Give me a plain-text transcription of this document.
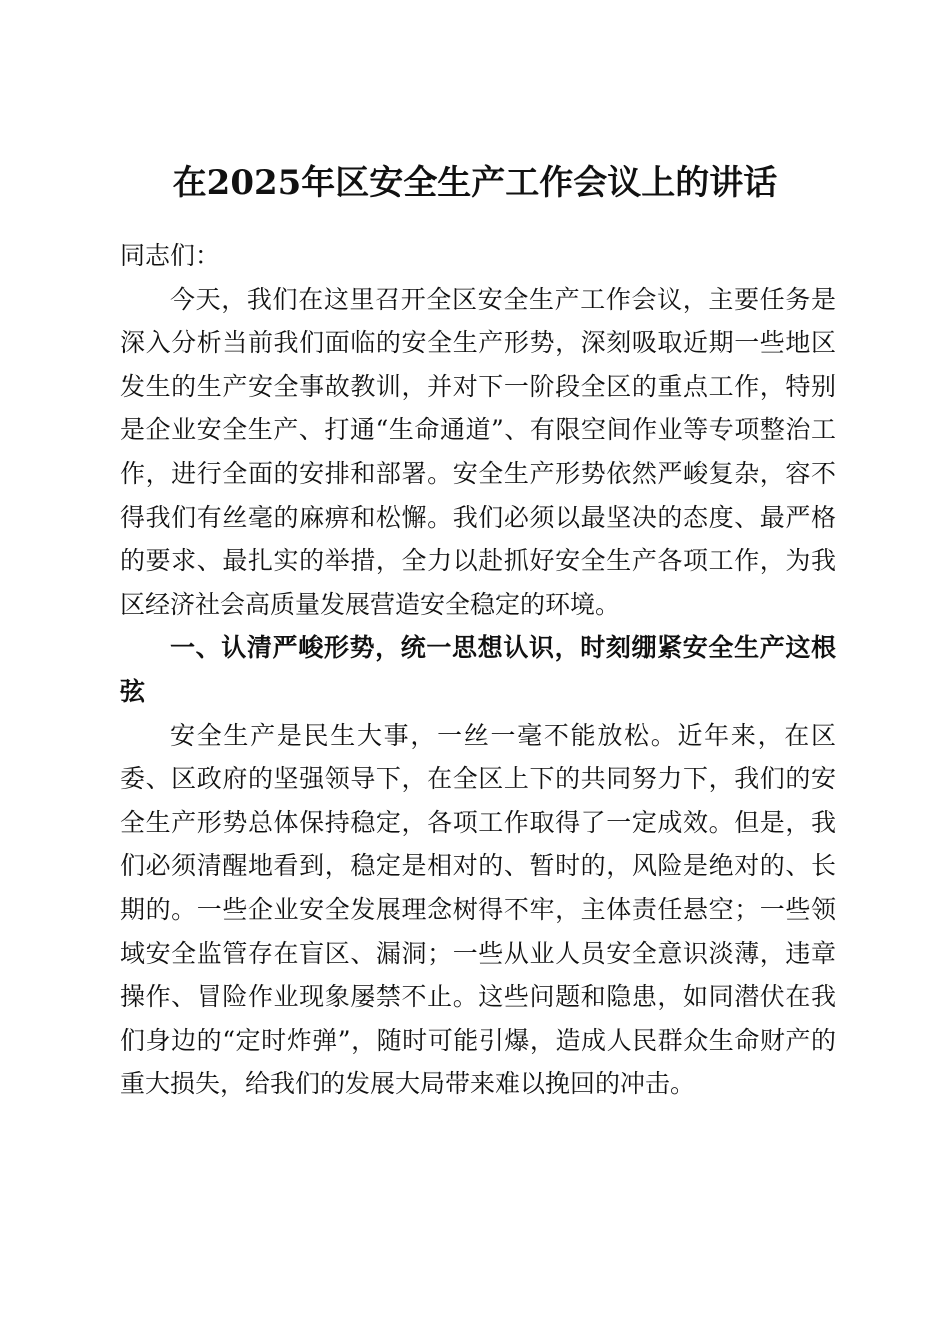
在2025年区安全生产工作会议上的讲话

同志们：

今天，我们在这里召开全区安全生产工作会议，主要任务是深入分析当前我们面临的安全生产形势，深刻吸取近期一些地区发生的生产安全事故教训，并对下一阶段全区的重点工作，特别是企业安全生产、打通“生命通道”、有限空间作业等专项整治工作，进行全面的安排和部署。安全生产形势依然严峻复杂，容不得我们有丝毫的麻痹和松懈。我们必须以最坚决的态度、最严格的要求、最扎实的举措，全力以赴抓好安全生产各项工作，为我区经济社会高质量发展营造安全稳定的环境。

一、认清严峻形势，统一思想认识，时刻绷紧安全生产这根弦

安全生产是民生大事，一丝一毫不能放松。近年来，在区委、区政府的坚强领导下，在全区上下的共同努力下，我们的安全生产形势总体保持稳定，各项工作取得了一定成效。但是，我们必须清醒地看到，稳定是相对的、暂时的，风险是绝对的、长期的。一些企业安全发展理念树得不牢，主体责任悬空；一些领域安全监管存在盲区、漏洞；一些从业人员安全意识淡薄，违章操作、冒险作业现象屡禁不止。这些问题和隐患，如同潜伏在我们身边的“定时炸弹”，随时可能引爆，造成人民群众生命财产的重大损失，给我们的发展大局带来难以挽回的冲击。
